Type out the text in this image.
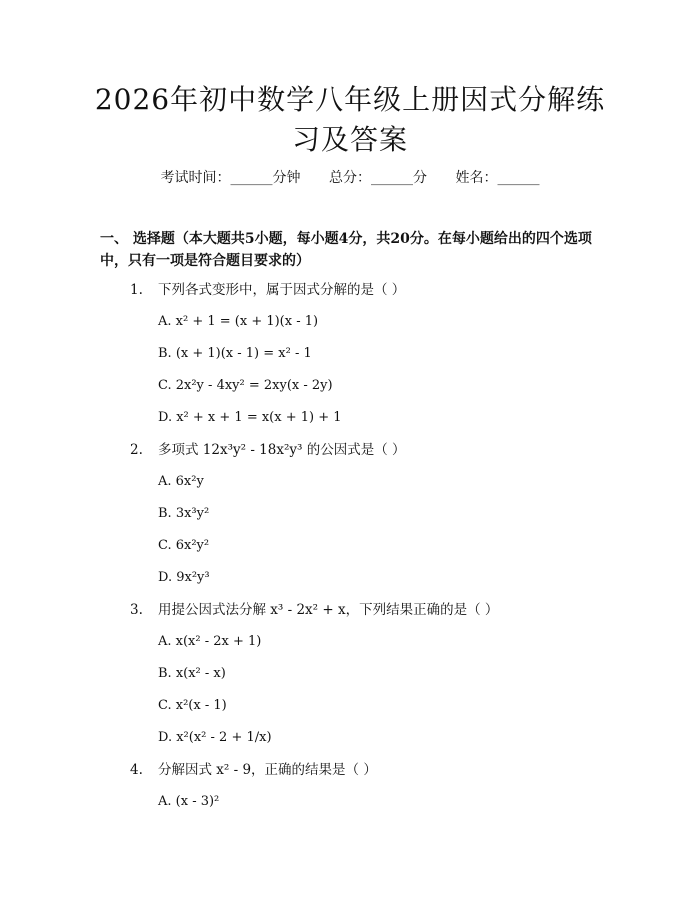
2026年初中数学八年级上册因式分解练习及答案
考试时间：______分钟 总分：______分 姓名：______
一、 选择题（本大题共5小题，每小题4分，共20分。在每小题给出的四个选项中，只有一项是符合题目要求的）
1. 下列各式变形中，属于因式分解的是（ ）
A. x² + 1 = (x + 1)(x - 1)
B. (x + 1)(x - 1) = x² - 1
C. 2x²y - 4xy² = 2xy(x - 2y)
D. x² + x + 1 = x(x + 1) + 1
2. 多项式 12x³y² - 18x²y³ 的公因式是（ ）
A. 6x²y
B. 3x³y²
C. 6x²y²
D. 9x²y³
3. 用提公因式法分解 x³ - 2x² + x，下列结果正确的是（ ）
A. x(x² - 2x + 1)
B. x(x² - x)
C. x²(x - 1)
D. x²(x² - 2 + 1/x)
4. 分解因式 x² - 9，正确的结果是（ ）
A. (x - 3)²
